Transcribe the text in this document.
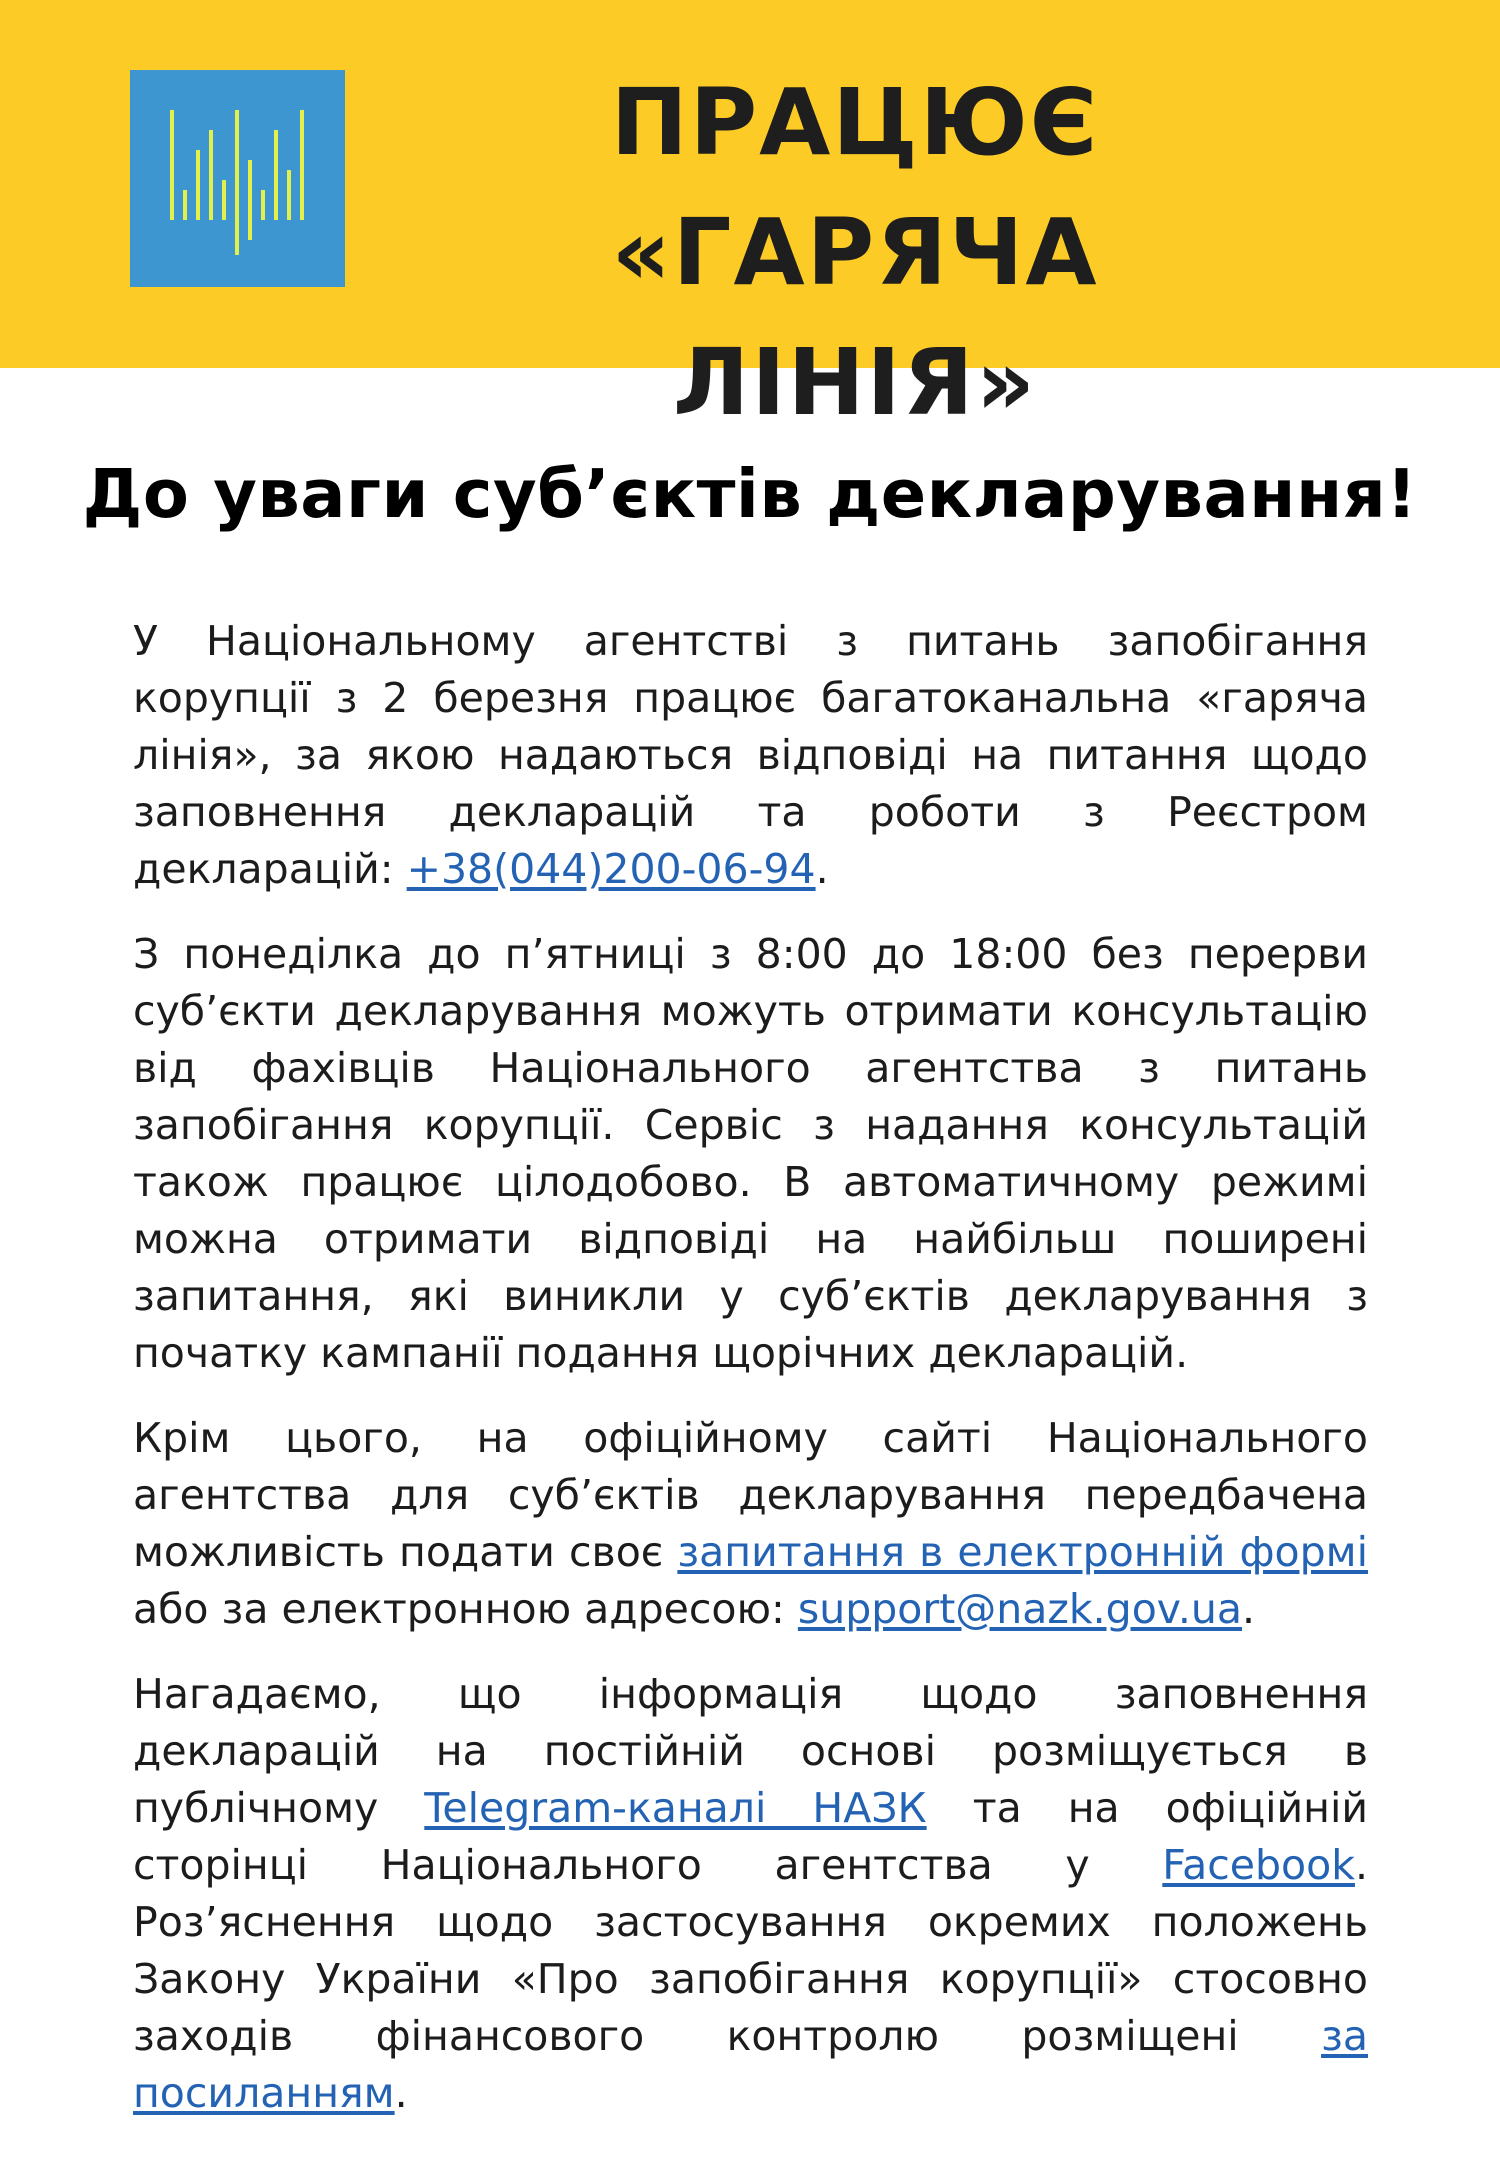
ПРАЦЮЄ
«ГАРЯЧА ЛІНІЯ»
До уваги суб’єктів декларування!

У Національному агентстві з питань запобігання корупції з 2 березня працює багатоканальна «гаряча лінія», за якою надаються відповіді на питання щодо заповнення декларацій та роботи з Реєстром декларацій: +38(044)200-06-94.

З понеділка до п’ятниці з 8:00 до 18:00 без перерви суб’єкти декларування можуть отримати консультацію від фахівців Національного агентства з питань запобігання корупції. Сервіс з надання консультацій також працює цілодобово. В автоматичному режимі можна отримати відповіді на найбільш поширені запитання, які виникли у суб’єктів декларування з початку кампанії подання щорічних декларацій.

Крім цього, на офіційному сайті Національного агентства для суб’єктів декларування передбачена можливість подати своє запитання в електронній формі або за електронною адресою: support@nazk.gov.ua.

Нагадаємо, що інформація щодо заповнення декларацій на постійній основі розміщується в публічному Telegram-каналі НАЗК та на офіційній сторінці Національного агентства у Facebook. Роз’яснення щодо застосування окремих положень Закону України «Про запобігання корупції» стосовно заходів фінансового контролю розміщені за посиланням.
